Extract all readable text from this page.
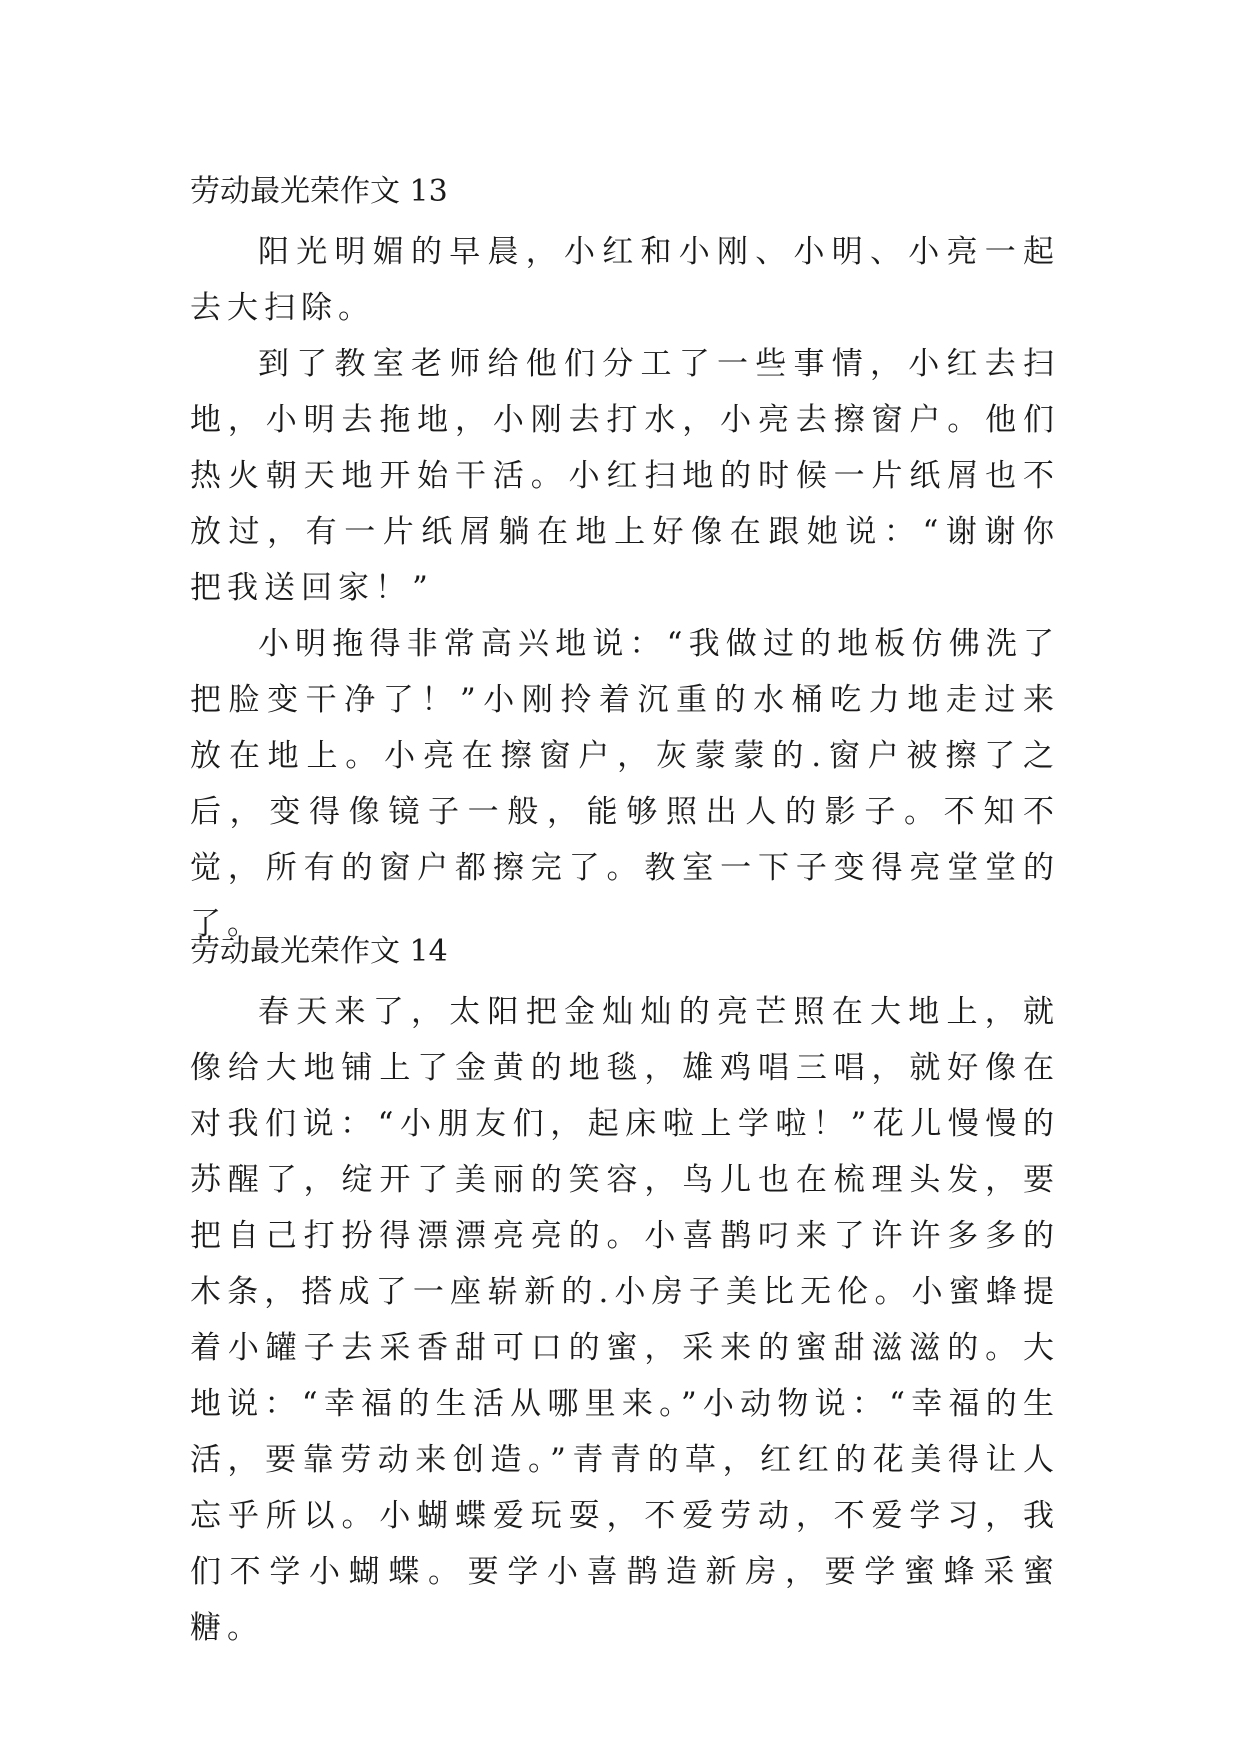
劳动最光荣作文 13

阳光明媚的早晨，小红和小刚、小明、小亮一起去大扫除。

到了教室老师给他们分工了一些事情，小红去扫地，小明去拖地，小刚去打水，小亮去擦窗户。他们热火朝天地开始干活。小红扫地的时候一片纸屑也不放过，有一片纸屑躺在地上好像在跟她说：“谢谢你把我送回家！”

小明拖得非常高兴地说：“我做过的地板仿佛洗了把脸变干净了！”小刚拎着沉重的水桶吃力地走过来放在地上。小亮在擦窗户，灰蒙蒙的.窗户被擦了之后，变得像镜子一般，能够照出人的影子。不知不觉，所有的窗户都擦完了。教室一下子变得亮堂堂的了。

劳动最光荣作文 14

春天来了，太阳把金灿灿的亮芒照在大地上，就像给大地铺上了金黄的地毯，雄鸡唱三唱，就好像在对我们说：“小朋友们，起床啦上学啦！”花儿慢慢的苏醒了，绽开了美丽的笑容，鸟儿也在梳理头发，要把自己打扮得漂漂亮亮的。小喜鹊叼来了许许多多的木条，搭成了一座崭新的.小房子美比无伦。小蜜蜂提着小罐子去采香甜可口的蜜，采来的蜜甜滋滋的。大地说：“幸福的生活从哪里来。”小动物说：“幸福的生活，要靠劳动来创造。”青青的草，红红的花美得让人忘乎所以。小蝴蝶爱玩耍，不爱劳动，不爱学习，我们不学小蝴蝶。要学小喜鹊造新房，要学蜜蜂采蜜糖。
